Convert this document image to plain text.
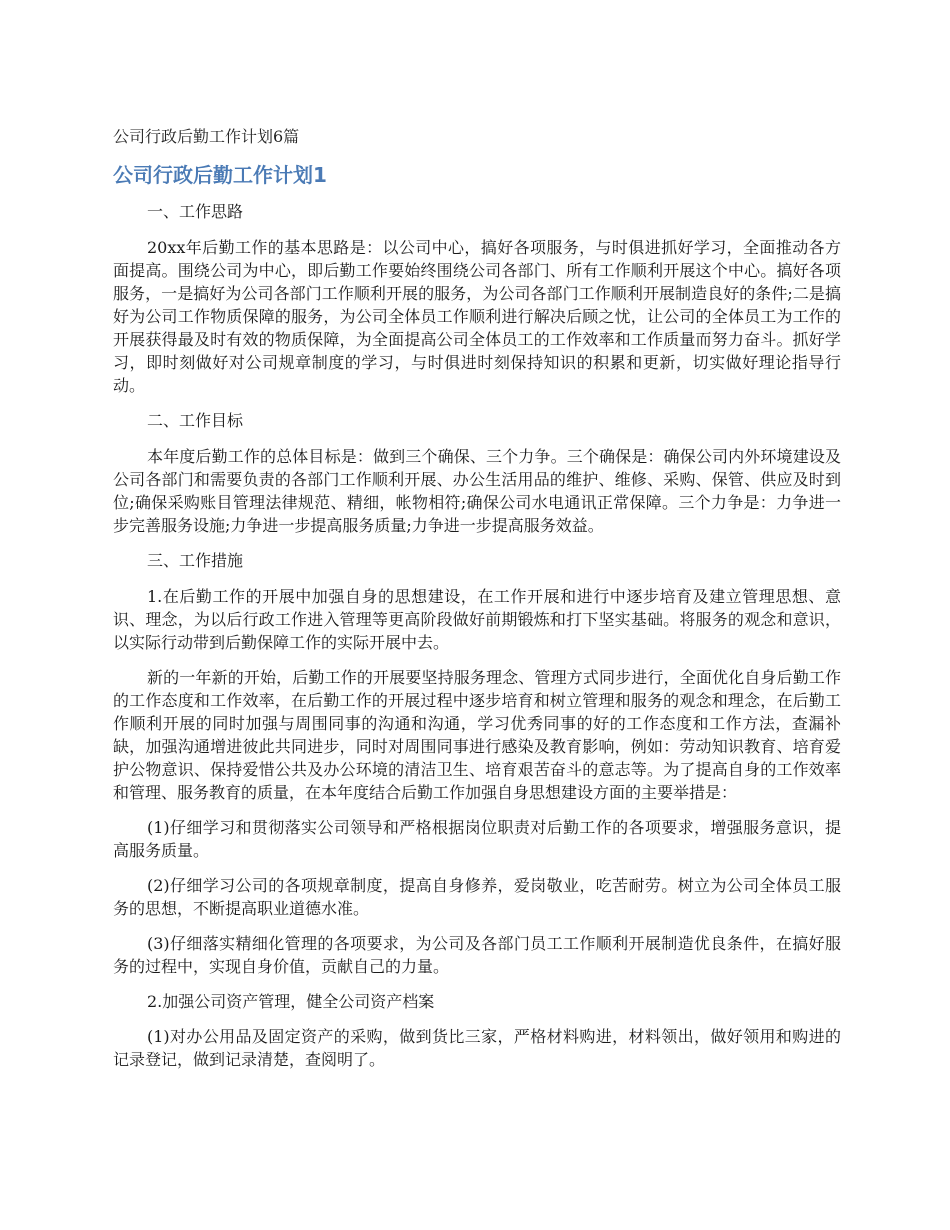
公司行政后勤工作计划6篇
公司行政后勤工作计划1
一、工作思路

20xx年后勤工作的基本思路是：以公司中心，搞好各项服务，与时俱进抓好学习，全面推动各方面提高。围绕公司为中心，即后勤工作要始终围绕公司各部门、所有工作顺利开展这个中心。搞好各项服务，一是搞好为公司各部门工作顺利开展的服务，为公司各部门工作顺利开展制造良好的条件;二是搞好为公司工作物质保障的服务，为公司全体员工作顺利进行解决后顾之忧，让公司的全体员工为工作的开展获得最及时有效的物质保障，为全面提高公司全体员工的工作效率和工作质量而努力奋斗。抓好学习，即时刻做好对公司规章制度的学习，与时俱进时刻保持知识的积累和更新，切实做好理论指导行动。

二、工作目标

本年度后勤工作的总体目标是：做到三个确保、三个力争。三个确保是：确保公司内外环境建设及公司各部门和需要负责的各部门工作顺利开展、办公生活用品的维护、维修、采购、保管、供应及时到位;确保采购账目管理法律规范、精细，帐物相符;确保公司水电通讯正常保障。三个力争是：力争进一步完善服务设施;力争进一步提高服务质量;力争进一步提高服务效益。

三、工作措施

1.在后勤工作的开展中加强自身的思想建设，在工作开展和进行中逐步培育及建立管理思想、意识、理念，为以后行政工作进入管理等更高阶段做好前期锻炼和打下坚实基础。将服务的观念和意识，以实际行动带到后勤保障工作的实际开展中去。

新的一年新的开始，后勤工作的开展要坚持服务理念、管理方式同步进行，全面优化自身后勤工作的工作态度和工作效率，在后勤工作的开展过程中逐步培育和树立管理和服务的观念和理念，在后勤工作顺利开展的同时加强与周围同事的沟通和沟通，学习优秀同事的好的工作态度和工作方法，查漏补缺，加强沟通增进彼此共同进步，同时对周围同事进行感染及教育影响，例如：劳动知识教育、培育爱护公物意识、保持爱惜公共及办公环境的清洁卫生、培育艰苦奋斗的意志等。为了提高自身的工作效率和管理、服务教育的质量，在本年度结合后勤工作加强自身思想建设方面的主要举措是：

(1)仔细学习和贯彻落实公司领导和严格根据岗位职责对后勤工作的各项要求，增强服务意识，提高服务质量。

(2)仔细学习公司的各项规章制度，提高自身修养，爱岗敬业，吃苦耐劳。树立为公司全体员工服务的思想，不断提高职业道德水准。

(3)仔细落实精细化管理的各项要求，为公司及各部门员工工作顺利开展制造优良条件，在搞好服务的过程中，实现自身价值，贡献自己的力量。

2.加强公司资产管理，健全公司资产档案

(1)对办公用品及固定资产的采购，做到货比三家，严格材料购进，材料领出，做好领用和购进的记录登记，做到记录清楚，查阅明了。
